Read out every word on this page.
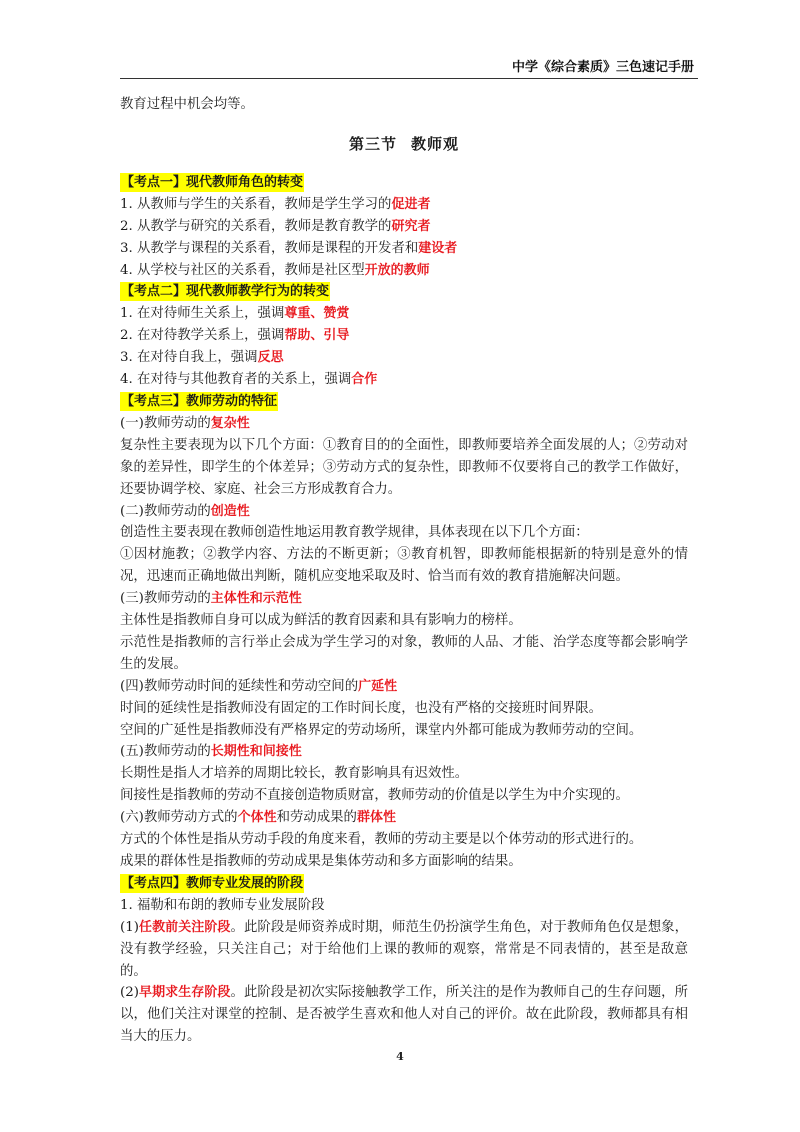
中学《综合素质》三色速记手册
教育过程中机会均等。
第三节 教师观
【考点一】现代教师角色的转变
1. 从教师与学生的关系看，教师是学生学习的促进者
2. 从教学与研究的关系看，教师是教育教学的研究者
3. 从教学与课程的关系看，教师是课程的开发者和建设者
4. 从学校与社区的关系看，教师是社区型开放的教师
【考点二】现代教师教学行为的转变
1. 在对待师生关系上，强调尊重、赞赏
2. 在对待教学关系上，强调帮助、引导
3. 在对待自我上，强调反思
4. 在对待与其他教育者的关系上，强调合作
【考点三】教师劳动的特征
(一)教师劳动的复杂性
复杂性主要表现为以下几个方面：①教育目的的全面性，即教师要培养全面发展的人；②劳动对象的差异性，即学生的个体差异；③劳动方式的复杂性，即教师不仅要将自己的教学工作做好，还要协调学校、家庭、社会三方形成教育合力。
(二)教师劳动的创造性
创造性主要表现在教师创造性地运用教育教学规律，具体表现在以下几个方面：
①因材施教；②教学内容、方法的不断更新；③教育机智，即教师能根据新的特别是意外的情况，迅速而正确地做出判断，随机应变地采取及时、恰当而有效的教育措施解决问题。
(三)教师劳动的主体性和示范性
主体性是指教师自身可以成为鲜活的教育因素和具有影响力的榜样。
示范性是指教师的言行举止会成为学生学习的对象，教师的人品、才能、治学态度等都会影响学生的发展。
(四)教师劳动时间的延续性和劳动空间的广延性
时间的延续性是指教师没有固定的工作时间长度，也没有严格的交接班时间界限。
空间的广延性是指教师没有严格界定的劳动场所，课堂内外都可能成为教师劳动的空间。
(五)教师劳动的长期性和间接性
长期性是指人才培养的周期比较长，教育影响具有迟效性。
间接性是指教师的劳动不直接创造物质财富，教师劳动的价值是以学生为中介实现的。
(六)教师劳动方式的个体性和劳动成果的群体性
方式的个体性是指从劳动手段的角度来看，教师的劳动主要是以个体劳动的形式进行的。
成果的群体性是指教师的劳动成果是集体劳动和多方面影响的结果。
【考点四】教师专业发展的阶段
1. 福勒和布朗的教师专业发展阶段
(1)任教前关注阶段。此阶段是师资养成时期，师范生仍扮演学生角色，对于教师角色仅是想象，没有教学经验，只关注自己；对于给他们上课的教师的观察，常常是不同表情的，甚至是敌意的。
(2)早期求生存阶段。此阶段是初次实际接触教学工作，所关注的是作为教师自己的生存问题，所以，他们关注对课堂的控制、是否被学生喜欢和他人对自己的评价。故在此阶段，教师都具有相当大的压力。
4
